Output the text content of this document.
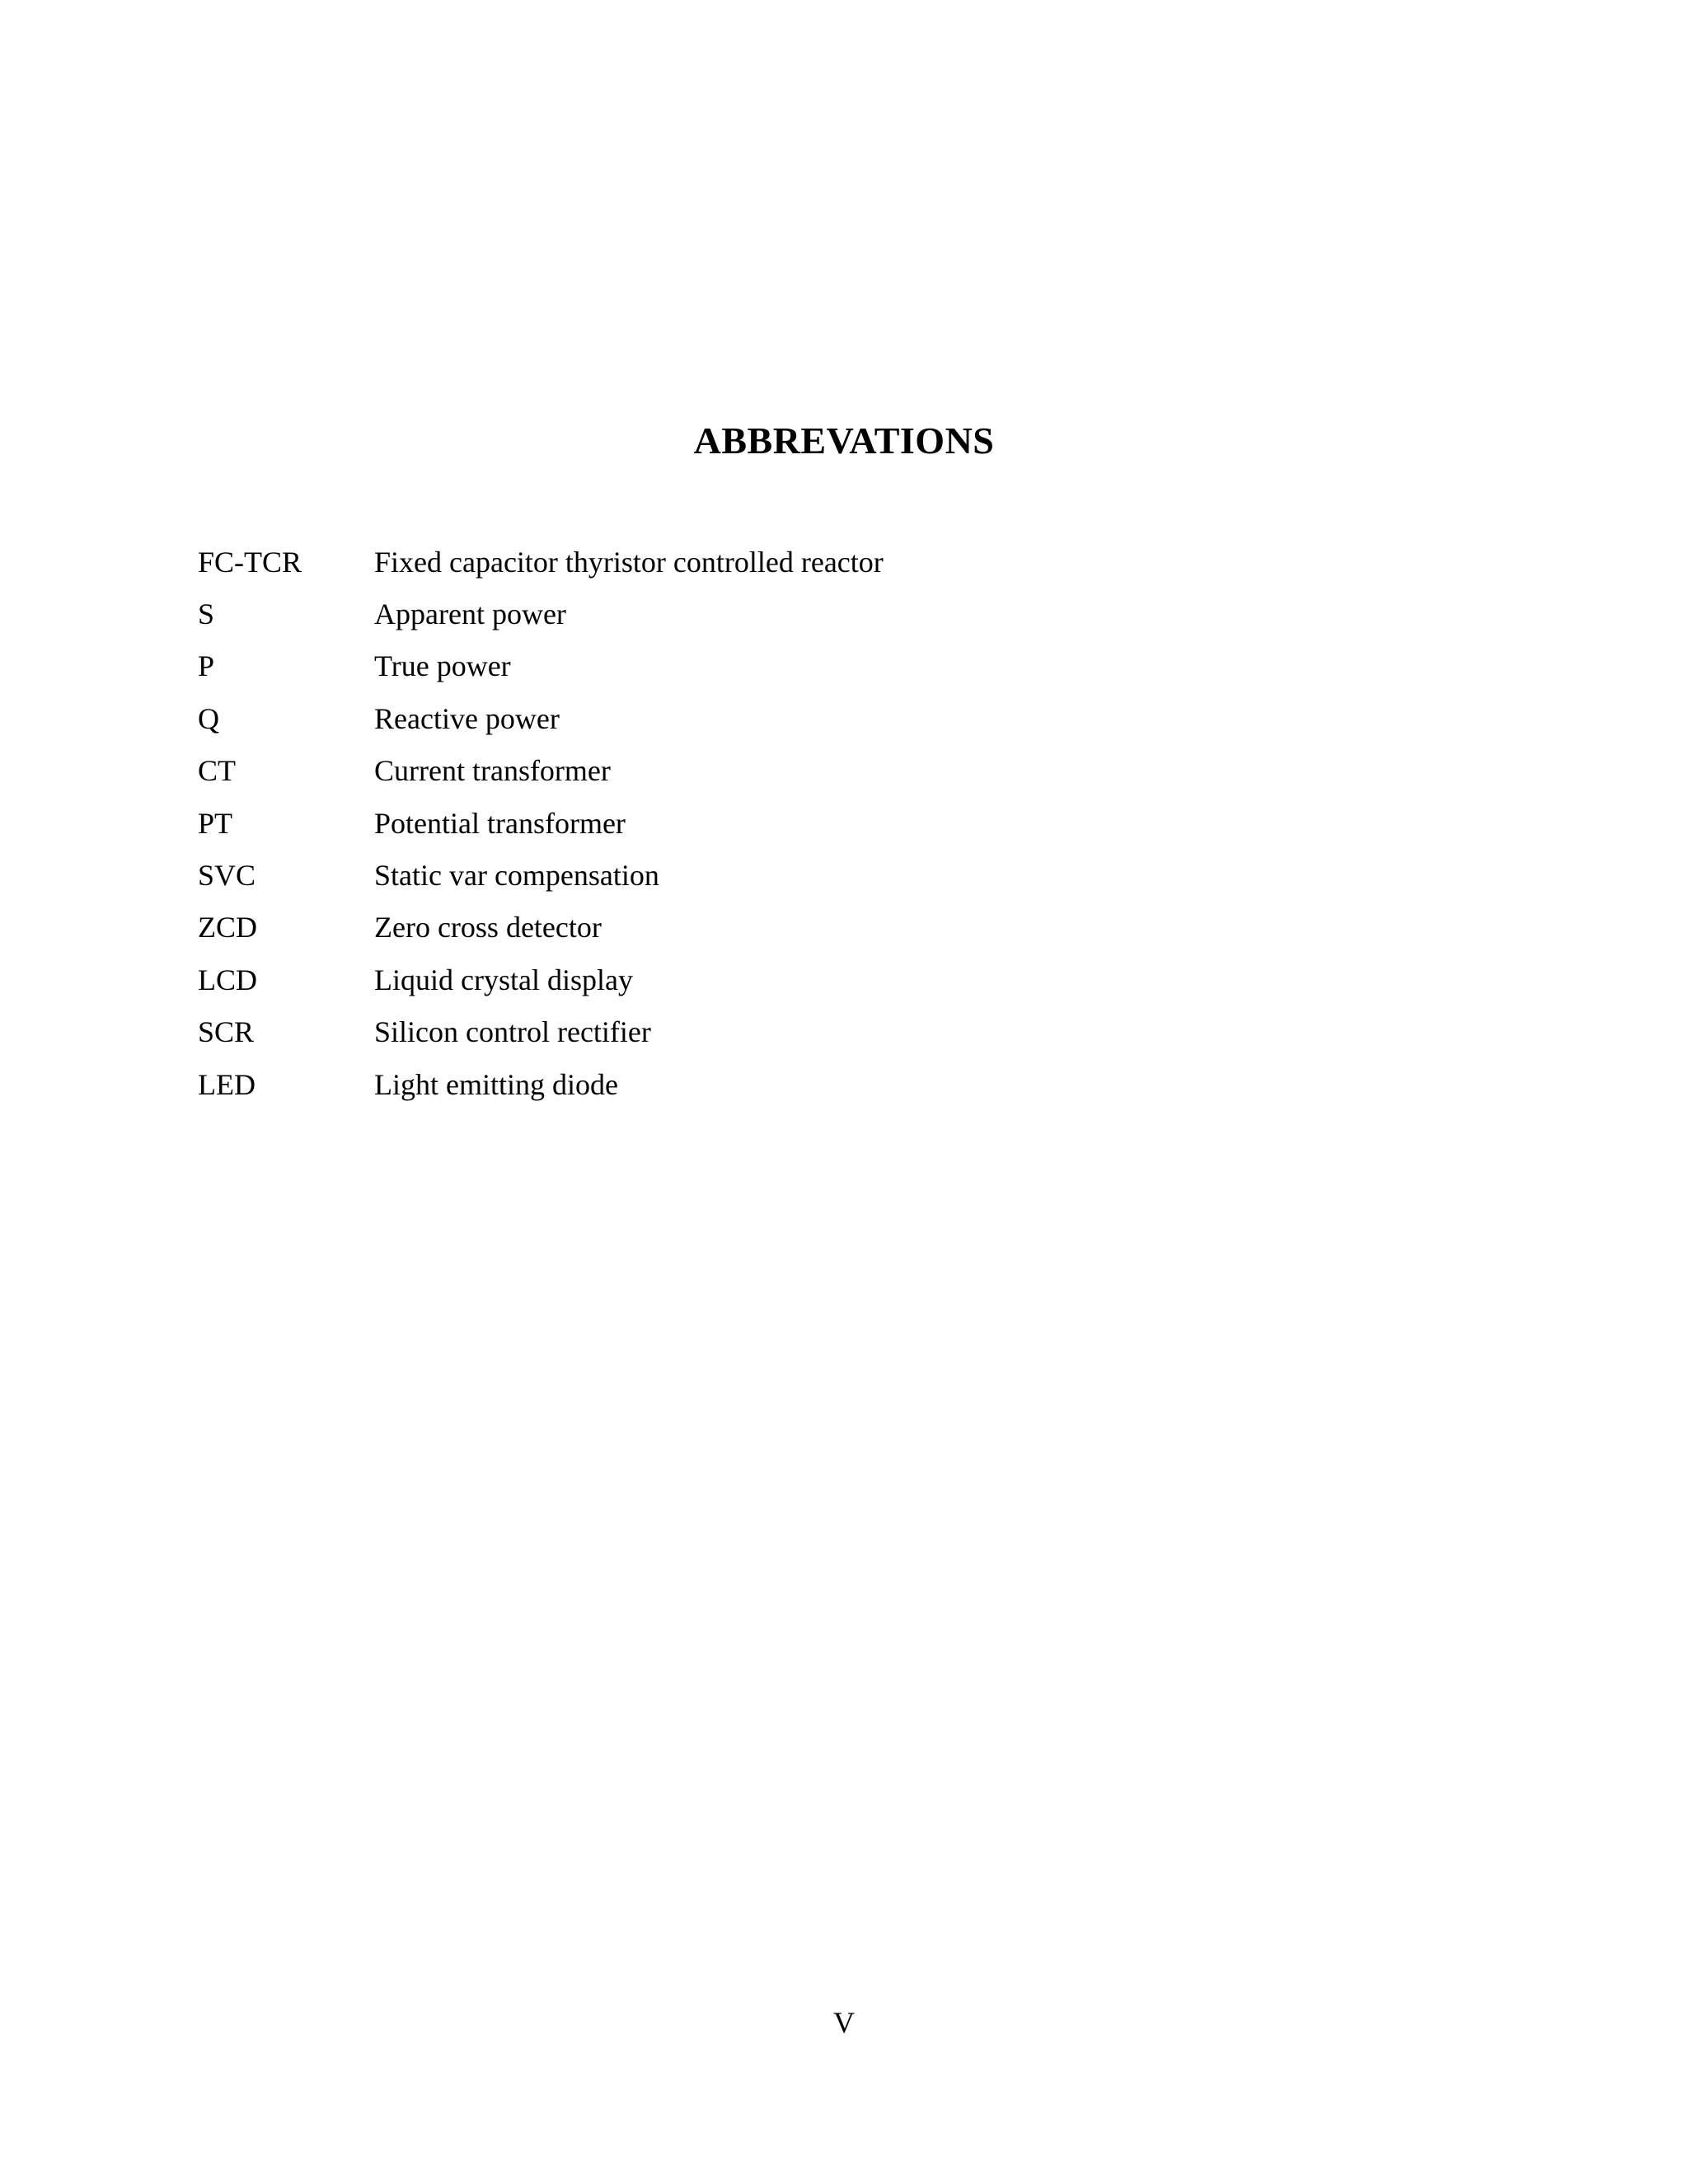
ABBREVATIONS
FC-TCR	Fixed capacitor thyristor controlled reactor
S	Apparent power
P	True power
Q	Reactive power
CT	Current transformer
PT	Potential transformer
SVC	Static var compensation
ZCD	Zero cross detector
LCD	Liquid crystal display
SCR	Silicon control rectifier
LED	Light emitting diode
V
